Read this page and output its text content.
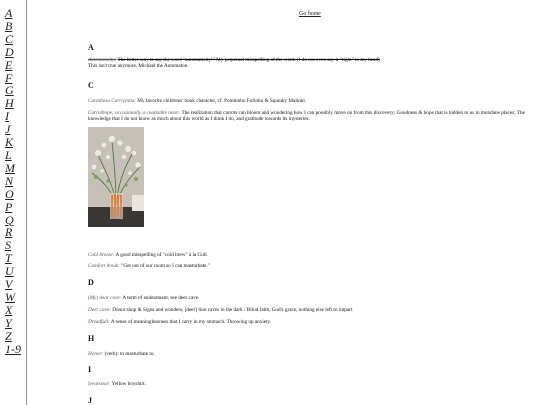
A
B
C
D
E
F
G
H
I
J
K
L
M
N
O
P
Q
R
S
T
U
V
W
X
Y
Z
1-9
Go home
A
Automaticity: The better way to say the word "automaticity!" My perpetual misspelling of the word. (I do not even say it "right" in my head)
This isn't true anymore. Michael the Automaton.
C
Carinhosa Carriçinha: My favorite childrens' book character, cf. Pombinho Fofinho & Squinky Malinki.
Carrothope; occasionally a countable noun: The realization that carrots can bloom and wondering how I can possibly move on from this discovery; Goodness & hope that is hidden to us in mundane places; The knowledge that I do not know as much about this world as I think I do, and gratitude towards its mysteries.
Cold breeze: A good misspelling of "cold brew" à la Gull.
Comfort break: "Get out of our room so I can masturbate."
D
(My) dear cave: A term of endearment, see deer cave.
Deer cave: Donut shop & Signs and wonders, [deer] lion caves in the dark / Blind faith, God's grace, nothing else left to impart.
Dreadfull: A sense of meaninglessness that I carry in my stomach. Throwing up anxiety.
H
Honor: (verb); to masturbate to.
I
Iyearnour: Yellow boyshirt.
J
